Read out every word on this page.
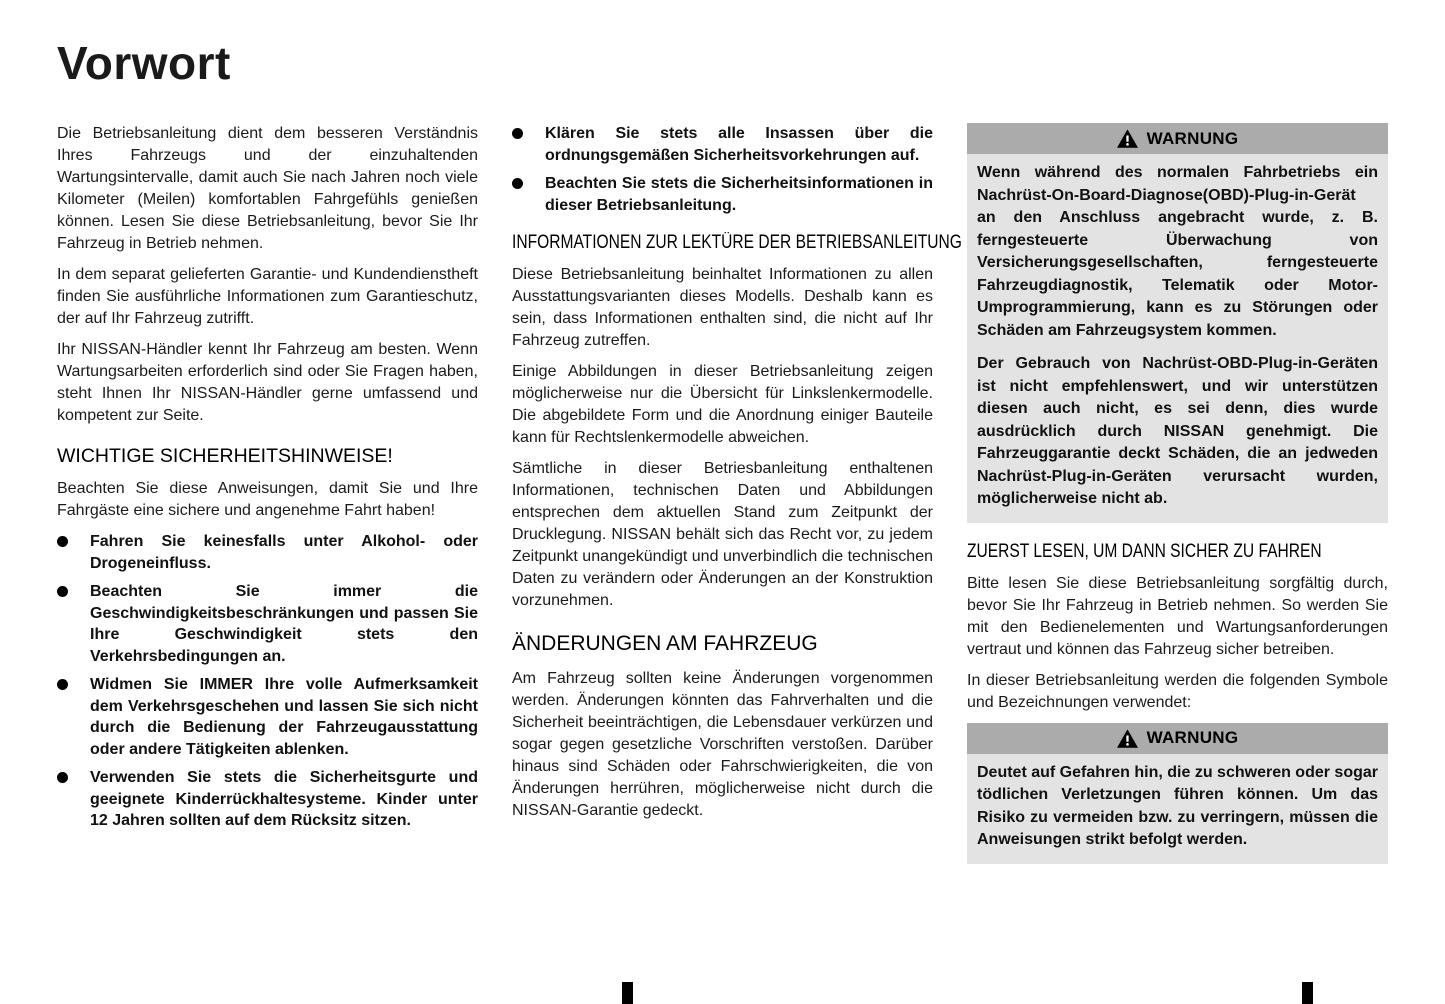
Vorwort

Die Betriebsanleitung dient dem besseren Verständnis Ihres Fahrzeugs und der einzuhaltenden Wartungsintervalle, damit auch Sie nach Jahren noch viele Kilometer (Meilen) komfortablen Fahrgefühls genießen können. Lesen Sie diese Betriebsanleitung, bevor Sie Ihr Fahrzeug in Betrieb nehmen.

In dem separat gelieferten Garantie- und Kundendienstheft finden Sie ausführliche Informationen zum Garantieschutz, der auf Ihr Fahrzeug zutrifft.

Ihr NISSAN-Händler kennt Ihr Fahrzeug am besten. Wenn Wartungsarbeiten erforderlich sind oder Sie Fragen haben, steht Ihnen Ihr NISSAN-Händler gerne umfassend und kompetent zur Seite.

WICHTIGE SICHERHEITSHINWEISE!

Beachten Sie diese Anweisungen, damit Sie und Ihre Fahrgäste eine sichere und angenehme Fahrt haben!

Fahren Sie keinesfalls unter Alkohol- oder Drogeneinfluss.
Beachten Sie immer die Geschwindigkeitsbeschränkungen und passen Sie Ihre Geschwindigkeit stets den Verkehrsbedingungen an.
Widmen Sie IMMER Ihre volle Aufmerksamkeit dem Verkehrsgeschehen und lassen Sie sich nicht durch die Bedienung der Fahrzeugausstattung oder andere Tätigkeiten ablenken.
Verwenden Sie stets die Sicherheitsgurte und geeignete Kinderrückhaltesysteme. Kinder unter 12 Jahren sollten auf dem Rücksitz sitzen.
Klären Sie stets alle Insassen über die ordnungsgemäßen Sicherheitsvorkehrungen auf.
Beachten Sie stets die Sicherheitsinformationen in dieser Betriebsanleitung.
INFORMATIONEN ZUR LEKTÜRE DER BETRIEBSANLEITUNG

Diese Betriebsanleitung beinhaltet Informationen zu allen Ausstattungsvarianten dieses Modells. Deshalb kann es sein, dass Informationen enthalten sind, die nicht auf Ihr Fahrzeug zutreffen.

Einige Abbildungen in dieser Betriebsanleitung zeigen möglicherweise nur die Übersicht für Linkslenkermodelle. Die abgebildete Form und die Anordnung einiger Bauteile kann für Rechtslenkermodelle abweichen.

Sämtliche in dieser Betriesbanleitung enthaltenen Informationen, technischen Daten und Abbildungen entsprechen dem aktuellen Stand zum Zeitpunkt der Drucklegung. NISSAN behält sich das Recht vor, zu jedem Zeitpunkt unangekündigt und unverbindlich die technischen Daten zu verändern oder Änderungen an der Konstruktion vorzunehmen.

ÄNDERUNGEN AM FAHRZEUG

Am Fahrzeug sollten keine Änderungen vorgenommen werden. Änderungen könnten das Fahrverhalten und die Sicherheit beeinträchtigen, die Lebensdauer verkürzen und sogar gegen gesetzliche Vorschriften verstoßen. Darüber hinaus sind Schäden oder Fahrschwierigkeiten, die von Änderungen herrühren, möglicherweise nicht durch die NISSAN-Garantie gedeckt.

WARNUNG

Wenn während des normalen Fahrbetriebs ein Nachrüst-On-Board-Diagnose(OBD)-Plug-in-Gerät an den Anschluss angebracht wurde, z. B. ferngesteuerte Überwachung von Versicherungsgesellschaften, ferngesteuerte Fahrzeugdiagnostik, Telematik oder Motor-Umprogrammierung, kann es zu Störungen oder Schäden am Fahrzeugsystem kommen.

Der Gebrauch von Nachrüst-OBD-Plug-in-Geräten ist nicht empfehlenswert, und wir unterstützen diesen auch nicht, es sei denn, dies wurde ausdrücklich durch NISSAN genehmigt. Die Fahrzeuggarantie deckt Schäden, die an jedweden Nachrüst-Plug-in-Geräten verursacht wurden, möglicherweise nicht ab.

ZUERST LESEN, UM DANN SICHER ZU FAHREN

Bitte lesen Sie diese Betriebsanleitung sorgfältig durch, bevor Sie Ihr Fahrzeug in Betrieb nehmen. So werden Sie mit den Bedienelementen und Wartungsanforderungen vertraut und können das Fahrzeug sicher betreiben.

In dieser Betriebsanleitung werden die folgenden Symbole und Bezeichnungen verwendet:

WARNUNG

Deutet auf Gefahren hin, die zu schweren oder sogar tödlichen Verletzungen führen können. Um das Risiko zu vermeiden bzw. zu verringern, müssen die Anweisungen strikt befolgt werden.
